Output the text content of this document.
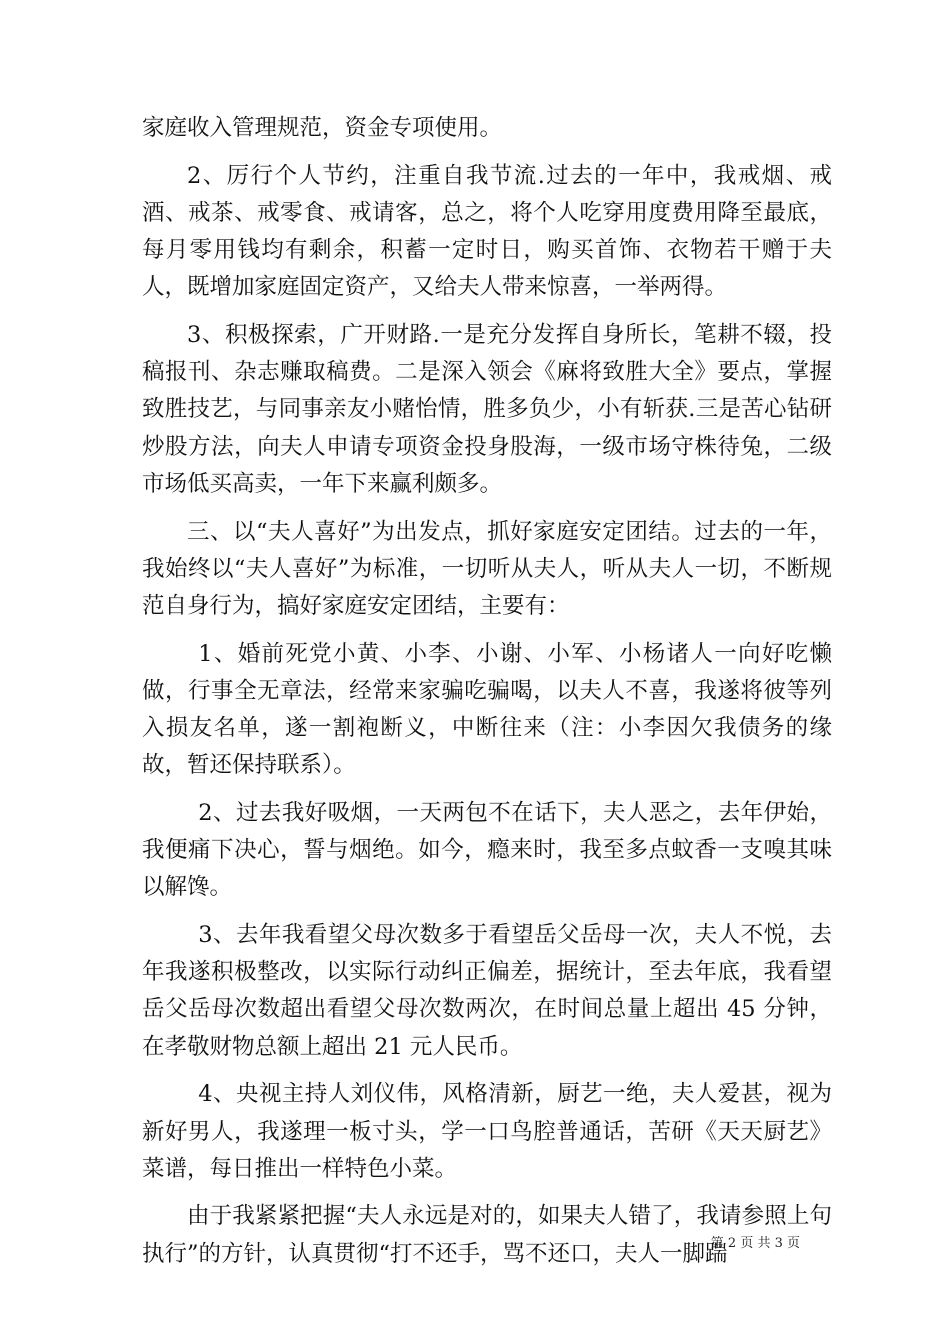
家庭收入管理规范，资金专项使用。

2、厉行个人节约，注重自我节流.过去的一年中，我戒烟、戒酒、戒茶、戒零食、戒请客，总之，将个人吃穿用度费用降至最底，每月零用钱均有剩余，积蓄一定时日，购买首饰、衣物若干赠于夫人，既增加家庭固定资产，又给夫人带来惊喜，一举两得。

3、积极探索，广开财路.一是充分发挥自身所长，笔耕不辍，投稿报刊、杂志赚取稿费。二是深入领会《麻将致胜大全》要点，掌握致胜技艺，与同事亲友小赌怡情，胜多负少，小有斩获.三是苦心钻研炒股方法，向夫人申请专项资金投身股海，一级市场守株待兔，二级市场低买高卖，一年下来赢利颇多。

三、以“夫人喜好”为出发点，抓好家庭安定团结。过去的一年，我始终以“夫人喜好”为标准，一切听从夫人，听从夫人一切，不断规范自身行为，搞好家庭安定团结，主要有：

1、婚前死党小黄、小李、小谢、小军、小杨诸人一向好吃懒做，行事全无章法，经常来家骗吃骗喝，以夫人不喜，我遂将彼等列入损友名单，遂一割袍断义，中断往来（注：小李因欠我债务的缘故，暂还保持联系）。

2、过去我好吸烟，一天两包不在话下，夫人恶之，去年伊始，我便痛下决心，誓与烟绝。如今，瘾来时，我至多点蚊香一支嗅其味以解馋。

3、去年我看望父母次数多于看望岳父岳母一次，夫人不悦，去年我遂积极整改，以实际行动纠正偏差，据统计，至去年底，我看望岳父岳母次数超出看望父母次数两次，在时间总量上超出 45 分钟，在孝敬财物总额上超出 21 元人民币。

4、央视主持人刘仪伟，风格清新，厨艺一绝，夫人爱甚，视为新好男人，我遂理一板寸头，学一口鸟腔普通话，苦研《天天厨艺》菜谱，每日推出一样特色小菜。

由于我紧紧把握“夫人永远是对的，如果夫人错了，我请参照上句执行”的方针，认真贯彻“打不还手，骂不还口，夫人一脚踹

第 2 页 共 3 页
